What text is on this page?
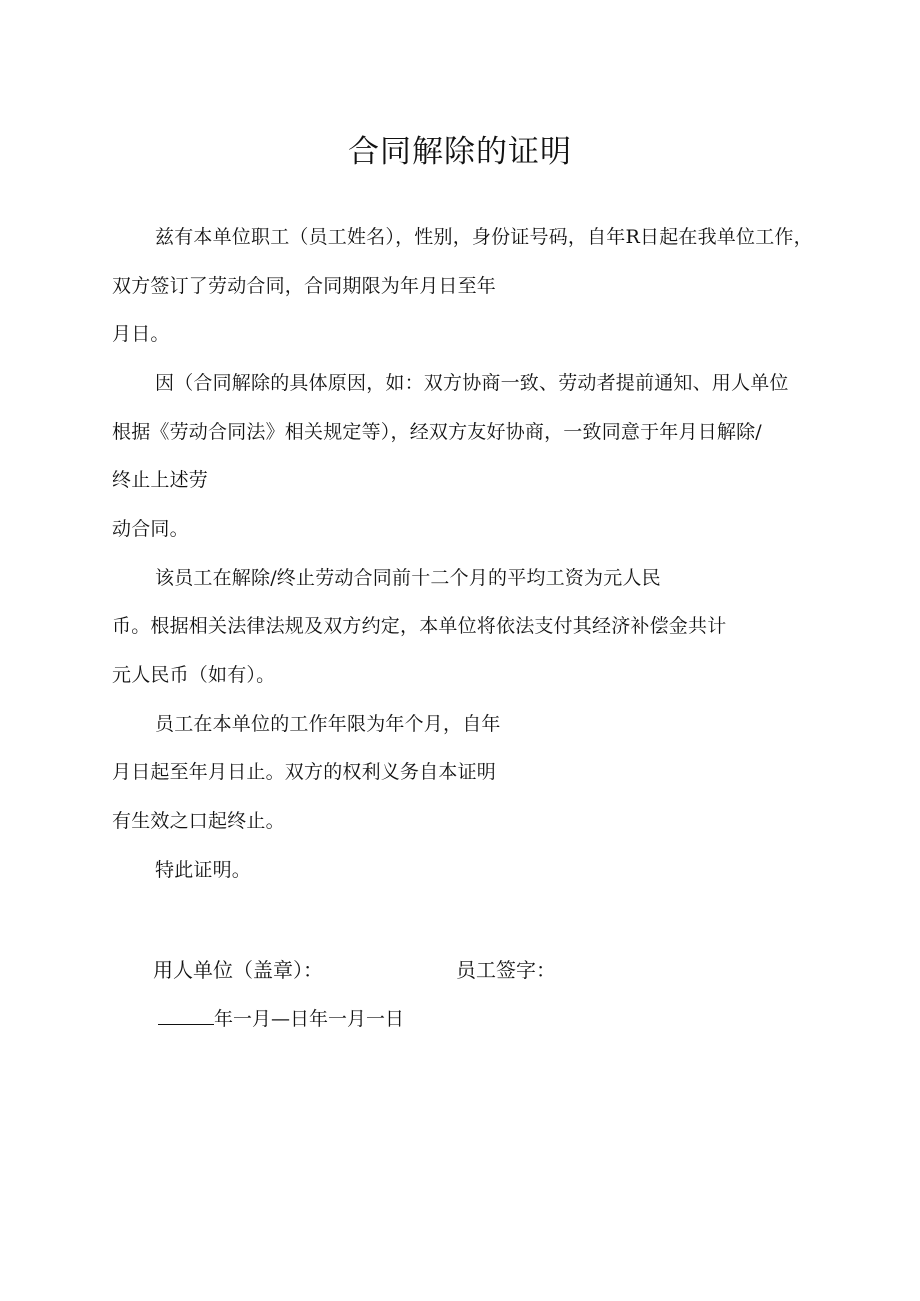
合同解除的证明
兹有本单位职工（员工姓名），性别，身份证号码，自年R日起在我单位工作，
双方签订了劳动合同，合同期限为年月日至年
月日。
因（合同解除的具体原因，如：双方协商一致、劳动者提前通知、用人单位
根据《劳动合同法》相关规定等），经双方友好协商，一致同意于年月日解除/
终止上述劳
动合同。
该员工在解除/终止劳动合同前十二个月的平均工资为元人民
币。根据相关法律法规及双方约定，本单位将依法支付其经济补偿金共计
元人民币（如有）。
员工在本单位的工作年限为年个月，自年
月日起至年月日止。双方的权利义务自本证明
有生效之口起终止。
特此证明。
用人单位（盖章）：	员工签字：
年一月—日年一月一日
